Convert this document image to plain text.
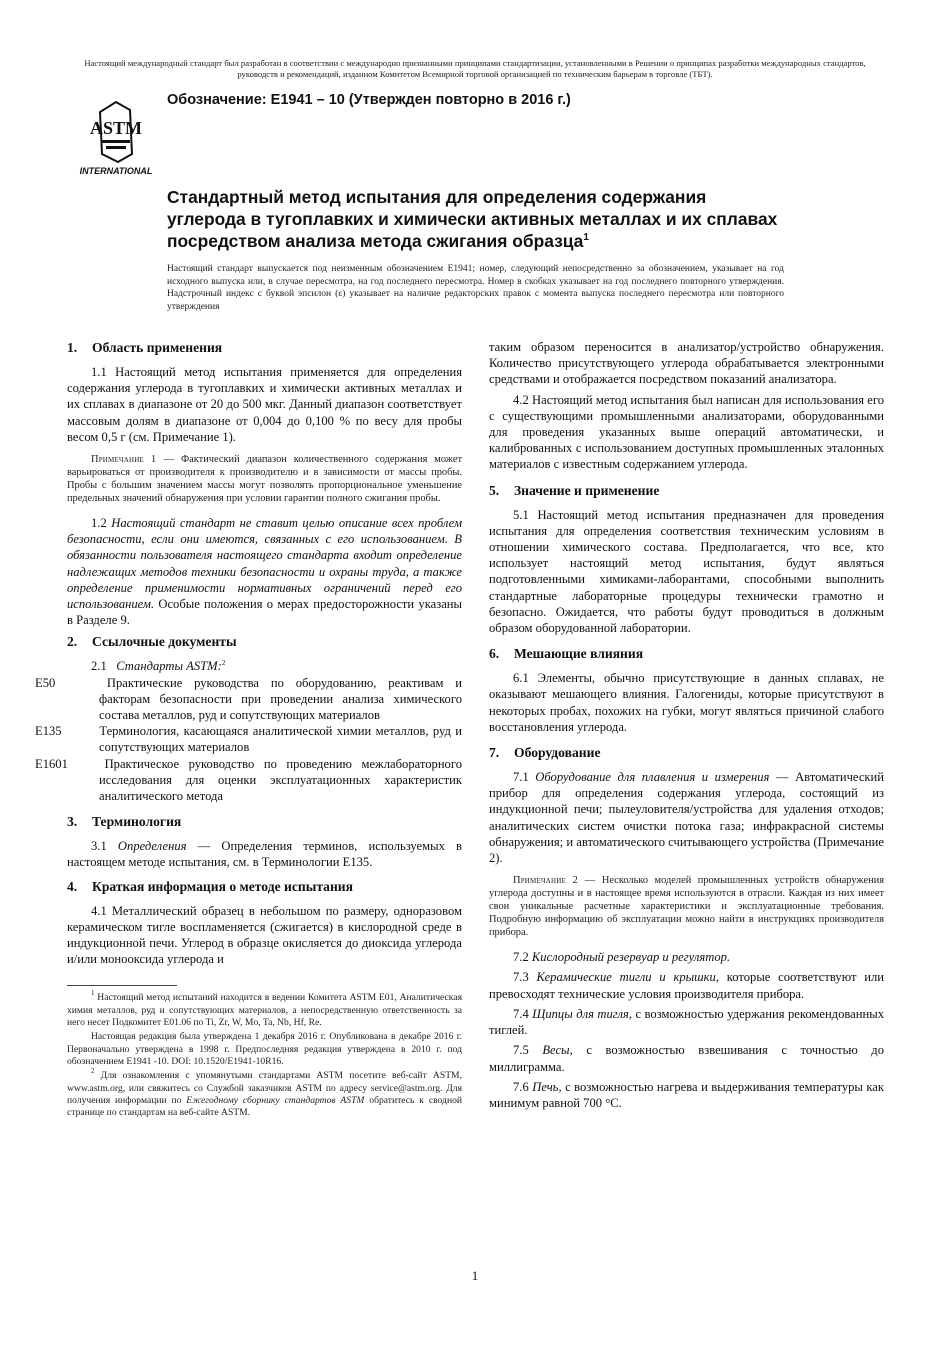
Настоящий международный стандарт был разработан в соответствии с международно признанными принципами стандартизации, установленными в Решении о принципах разработки международных стандартов, руководств и рекомендаций, изданном Комитетом Всемирной торговой организацией по техническим барьерам в торговле (ТБТ).
ASTM
INTERNATIONAL
Обозначение: E1941 – 10 (Утвержден повторно в 2016 г.)
Стандартный метод испытания для определения содержания углерода в тугоплавких и химически активных металлах и их сплавах посредством анализа метода сжигания образца$^1$
Настоящий стандарт выпускается под неизменным обозначением E1941; номер, следующий непосредственно за обозначением, указывает на год исходного выпуска или, в случае пересмотра, на год последнего пересмотра. Номер в скобках указывает на год последнего повторного утверждения. Надстрочный индекс с буквой эпсилон (ε) указывает на наличие редакторских правок с момента выпуска последнего пересмотра или повторного утверждения
1. Область применения

1.1 Настоящий метод испытания применяется для определения содержания углерода в тугоплавких и химически активных металлах и их сплавах в диапазоне от 20 до 500 мкг. Данный диапазон соответствует массовым долям в диапазоне от 0,004 до 0,100 % по весу для пробы весом 0,5 г (см. Примечание 1).

Примечание 1 — Фактический диапазон количественного содержания может варьироваться от производителя к производителю и в зависимости от массы пробы. Пробы с большим значением массы могут позволять пропорциональное уменьшение предельных значений обнаружения при условии гарантии полного сжигания пробы.

1.2 Настоящий стандарт не ставит целью описание всех проблем безопасности, если они имеются, связанных с его использованием. В обязанности пользователя настоящего стандарта входит определение надлежащих методов техники безопасности и охраны труда, а также определение применимости нормативных ограничений перед его использованием. Особые положения о мерах предосторожности указаны в Разделе 9.

2. Ссылочные документы

2.1 Стандарты ASTM:$^2$

E50	Практические руководства по оборудованию, реактивам и факторам безопасности при проведении анализа химического состава металлов, руд и сопутствующих материалов

E135	Терминология, касающаяся аналитической химии металлов, руд и сопутствующих материалов

E1601	Практическое руководство по проведению межлабораторного исследования для оценки эксплуатационных характеристик аналитического метода

3. Терминология

3.1 Определения — Определения терминов, используемых в настоящем методе испытания, см. в Терминологии E135.

4. Краткая информация о методе испытания

4.1 Металлический образец в небольшом по размеру, одноразовом керамическом тигле воспламеняется (сжигается) в кислородной среде в индукционной печи. Углерод в образце окисляется до диоксида углерода и/или монооксида углерода и

$^1$ Настоящий метод испытаний находится в ведении Комитета ASTM E01, Аналитическая химия металлов, руд и сопутствующих материалов, а непосредственную ответственность за него несет Подкомитет E01.06 по Ti, Zr, W, Mo, Ta, Nb, Hf, Re.

Настоящая редакция была утверждена 1 декабря 2016 г. Опубликована в декабре 2016 г. Первоначально утверждена в 1998 г. Предпоследняя редакция утверждена в 2010 г. под обозначением E1941 -10. DOI: 10.1520/E1941-10R16.

$^2$ Для ознакомления с упомянутыми стандартами ASTM посетите веб-сайт ASTM, www.astm.org, или свяжитесь со Службой заказчиков ASTM по адресу service@astm.org. Для получения информации по Ежегодному сборнику стандартов ASTM обратитесь к сводной странице по стандартам на веб-сайте ASTM.

таким образом переносится в анализатор/устройство обнаружения. Количество присутствующего углерода обрабатывается электронными средствами и отображается посредством показаний анализатора.

4.2 Настоящий метод испытания был написан для использования его с существующими промышленными анализаторами, оборудованными для проведения указанных выше операций автоматически, и калиброванных с использованием доступных промышленных эталонных материалов с известным содержанием углерода.

5. Значение и применение

5.1 Настоящий метод испытания предназначен для проведения испытания для определения соответствия техническим условиям в отношении химического состава. Предполагается, что все, кто использует настоящий метод испытания, будут являться подготовленными химиками-лаборантами, способными выполнить стандартные лабораторные процедуры технически грамотно и безопасно. Ожидается, что работы будут проводиться в должным образом оборудованной лаборатории.

6. Мешающие влияния

6.1 Элементы, обычно присутствующие в данных сплавах, не оказывают мешающего влияния. Галогениды, которые присутствуют в некоторых пробах, похожих на губки, могут являться причиной слабого восстановления углерода.

7. Оборудование

7.1 Оборудование для плавления и измерения — Автоматический прибор для определения содержания углерода, состоящий из индукционной печи; пылеуловителя/устройства для удаления отходов; аналитических систем очистки потока газа; инфракрасной системы обнаружения; и автоматического считывающего устройства (Примечание 2).

Примечание 2 — Несколько моделей промышленных устройств обнаружения углерода доступны и в настоящее время используются в отрасли. Каждая из них имеет свои уникальные расчетные характеристики и эксплуатационные требования. Подробную информацию об эксплуатации можно найти в инструкциях производителя прибора.

7.2 Кислородный резервуар и регулятор.

7.3 Керамические тигли и крышки, которые соответствуют или превосходят технические условия производителя прибора.

7.4 Щипцы для тигля, с возможностью удержания рекомендованных тиглей.

7.5 Весы, с возможностью взвешивания с точностью до миллиграмма.

7.6 Печь, с возможностью нагрева и выдерживания температуры как минимум равной 700 °C.

1
